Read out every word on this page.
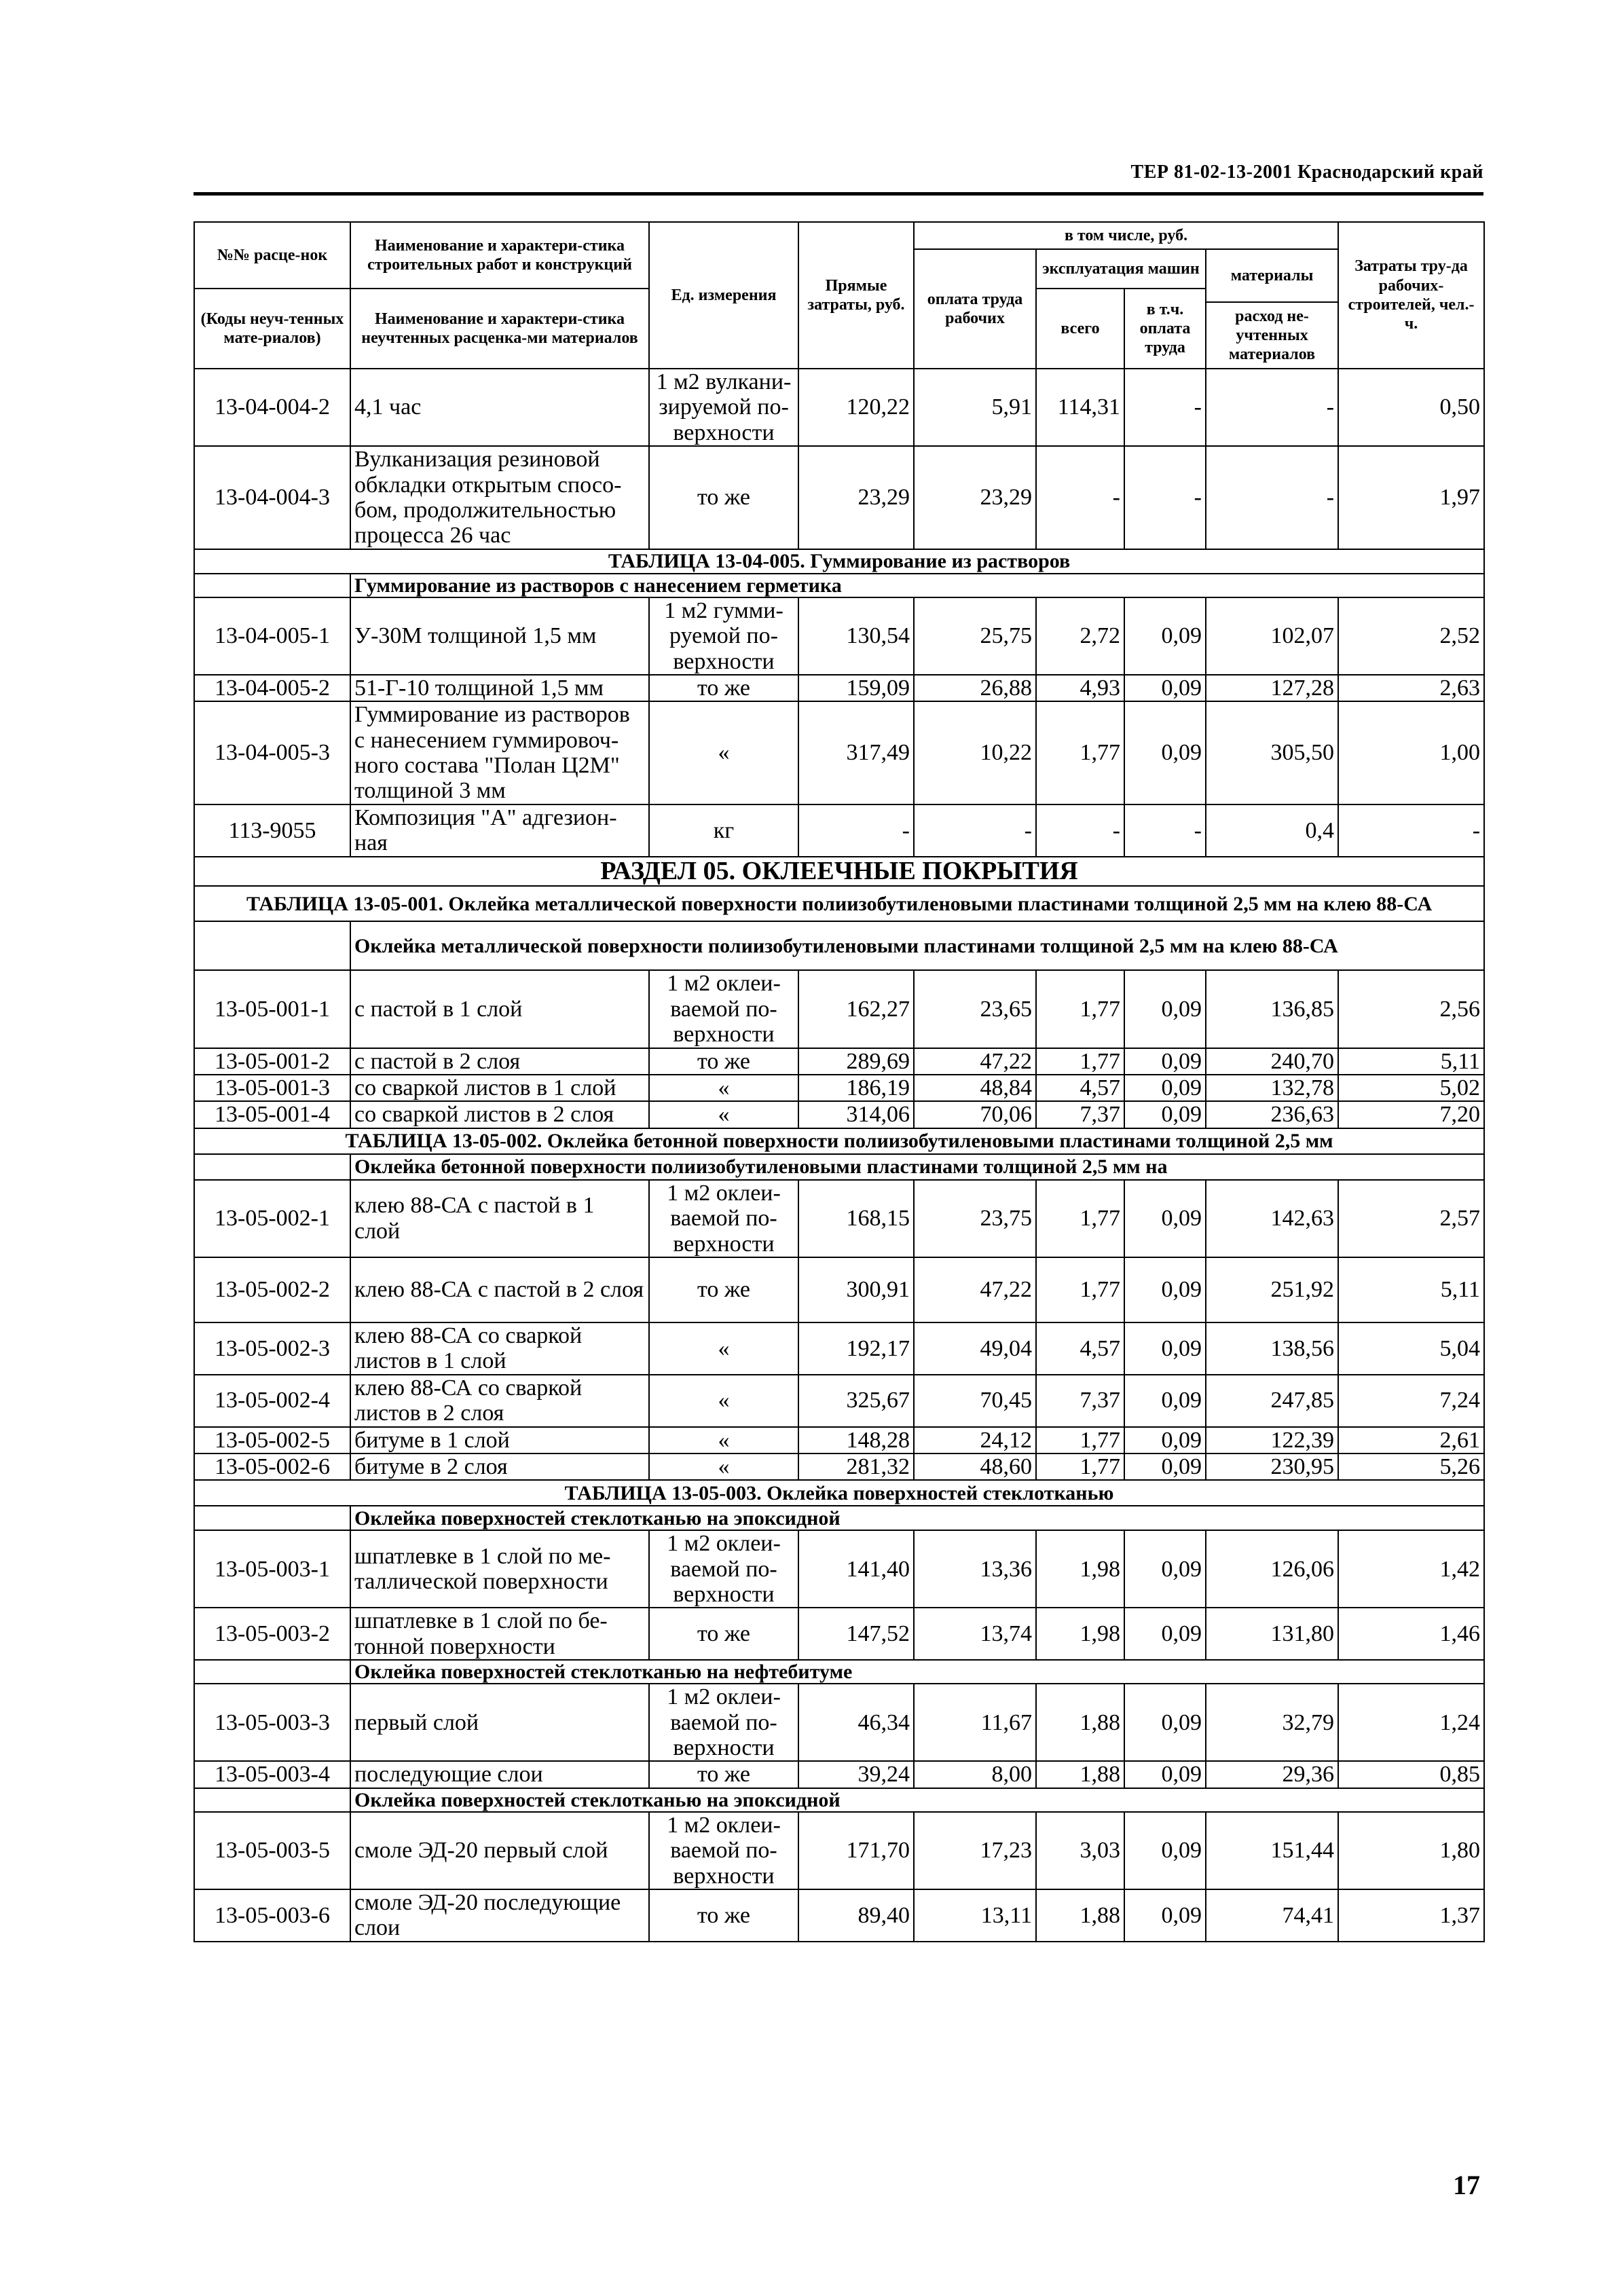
ТЕР 81-02-13-2001 Краснодарский край
№№ расце-нок	Наименование и характери-стика строительных работ и конструкций	Ед. измерения	Прямые затраты, руб.	в том числе, руб.				Затраты тру-да рабочих-строителей, чел.-ч.
				оплата труда рабочих	эксплуатация машин		материалы	
(Коды неуч-тенных мате-риалов)	Наименование и характери-стика неучтенных расценка-ми материалов				всего	в т.ч. оплата труда		
							расход не-учтенных материалов	
13-04-004-2	4,1 час	1 м2 вулкани-зируемой по-верхности	120,22	5,91	114,31	-	-	0,50
13-04-004-3	Вулканизация резиновой обкладки открытым спосо-бом, продолжительностью процесса 26 час	то же	23,29	23,29	-	-	-	1,97
ТАБЛИЦА 13-04-005. Гуммирование из растворов								
	Гуммирование из растворов с нанесением герметика							
13-04-005-1	У-30М толщиной 1,5 мм	1 м2 гумми-руемой по-верхности	130,54	25,75	2,72	0,09	102,07	2,52
13-04-005-2	51-Г-10 толщиной 1,5 мм	то же	159,09	26,88	4,93	0,09	127,28	2,63
13-04-005-3	Гуммирование из растворов с нанесением гуммировоч-ного состава "Полан Ц2М" толщиной 3 мм	«	317,49	10,22	1,77	0,09	305,50	1,00
113-9055	Композиция "А" адгезион-ная	кг	-	-	-	-	0,4	-
РАЗДЕЛ 05. ОКЛЕЕЧНЫЕ ПОКРЫТИЯ								
ТАБЛИЦА 13-05-001. Оклейка металлической поверхности полиизобутиленовыми пластинами толщиной 2,5 мм на клею 88-СА								
	Оклейка металлической поверхности полиизобутиленовыми пластинами толщиной 2,5 мм на клею 88-СА							
13-05-001-1	с пастой в 1 слой	1 м2 оклеи-ваемой по-верхности	162,27	23,65	1,77	0,09	136,85	2,56
13-05-001-2	с пастой в 2 слоя	то же	289,69	47,22	1,77	0,09	240,70	5,11
13-05-001-3	со сваркой листов в 1 слой	«	186,19	48,84	4,57	0,09	132,78	5,02
13-05-001-4	со сваркой листов в 2 слоя	«	314,06	70,06	7,37	0,09	236,63	7,20
ТАБЛИЦА 13-05-002. Оклейка бетонной поверхности полиизобутиленовыми пластинами толщиной 2,5 мм								
	Оклейка бетонной поверхности полиизобутиленовыми пластинами толщиной 2,5 мм на							
13-05-002-1	клею 88-СА с пастой в 1 слой	1 м2 оклеи-ваемой по-верхности	168,15	23,75	1,77	0,09	142,63	2,57
13-05-002-2	клею 88-СА с пастой в 2 слоя	то же	300,91	47,22	1,77	0,09	251,92	5,11
13-05-002-3	клею 88-СА со сваркой листов в 1 слой	«	192,17	49,04	4,57	0,09	138,56	5,04
13-05-002-4	клею 88-СА со сваркой листов в 2 слоя	«	325,67	70,45	7,37	0,09	247,85	7,24
13-05-002-5	битуме в 1 слой	«	148,28	24,12	1,77	0,09	122,39	2,61
13-05-002-6	битуме в 2 слоя	«	281,32	48,60	1,77	0,09	230,95	5,26
ТАБЛИЦА 13-05-003. Оклейка поверхностей стеклотканью								
	Оклейка поверхностей стеклотканью на эпоксидной							
13-05-003-1	шпатлевке в 1 слой по ме-таллической поверхности	1 м2 оклеи-ваемой по-верхности	141,40	13,36	1,98	0,09	126,06	1,42
13-05-003-2	шпатлевке в 1 слой по бе-тонной поверхности	то же	147,52	13,74	1,98	0,09	131,80	1,46
	Оклейка поверхностей стеклотканью на нефтебитуме							
13-05-003-3	первый слой	1 м2 оклеи-ваемой по-верхности	46,34	11,67	1,88	0,09	32,79	1,24
13-05-003-4	последующие слои	то же	39,24	8,00	1,88	0,09	29,36	0,85
	Оклейка поверхностей стеклотканью на эпоксидной							
13-05-003-5	смоле ЭД-20 первый слой	1 м2 оклеи-ваемой по-верхности	171,70	17,23	3,03	0,09	151,44	1,80
13-05-003-6	смоле ЭД-20 последующие слои	то же	89,40	13,11	1,88	0,09	74,41	1,37
17
